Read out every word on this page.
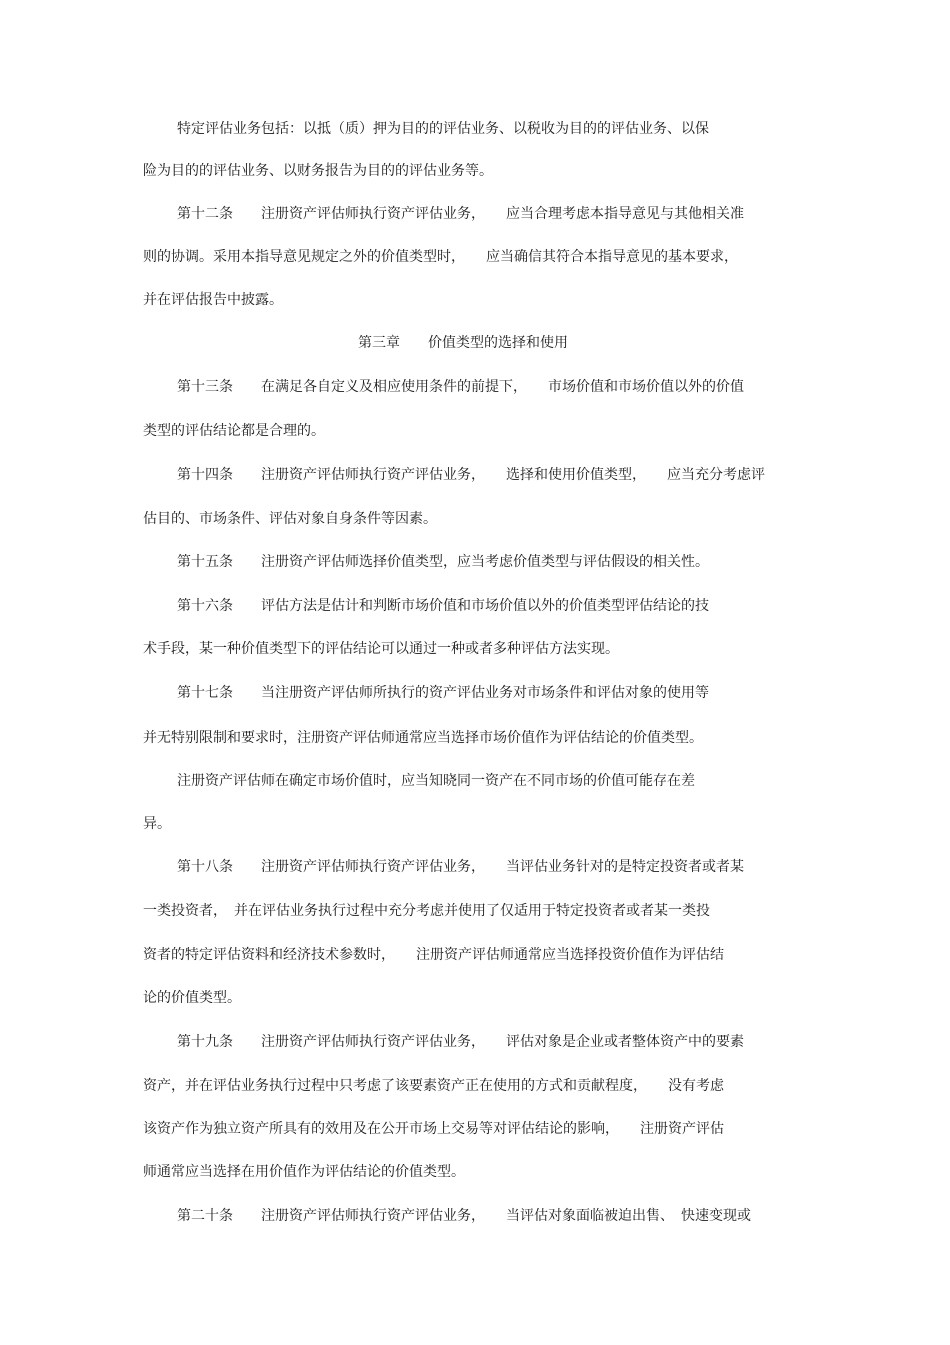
特定评估业务包括：以抵（质）押为目的的评估业务、以税收为目的的评估业务、以保
险为目的的评估业务、以财务报告为目的的评估业务等。
第十二条　　注册资产评估师执行资产评估业务，　　应当合理考虑本指导意见与其他相关准
则的协调。采用本指导意见规定之外的价值类型时，　　应当确信其符合本指导意见的基本要求，
并在评估报告中披露。
第三章　　价值类型的选择和使用
第十三条　　在满足各自定义及相应使用条件的前提下，　　市场价值和市场价值以外的价值
类型的评估结论都是合理的。
第十四条　　注册资产评估师执行资产评估业务，　　选择和使用价值类型，　　应当充分考虑评
估目的、市场条件、评估对象自身条件等因素。
第十五条　　注册资产评估师选择价值类型，应当考虑价值类型与评估假设的相关性。
第十六条　　评估方法是估计和判断市场价值和市场价值以外的价值类型评估结论的技
术手段，某一种价值类型下的评估结论可以通过一种或者多种评估方法实现。
第十七条　　当注册资产评估师所执行的资产评估业务对市场条件和评估对象的使用等
并无特别限制和要求时，注册资产评估师通常应当选择市场价值作为评估结论的价值类型。
注册资产评估师在确定市场价值时，应当知晓同一资产在不同市场的价值可能存在差
异。
第十八条　　注册资产评估师执行资产评估业务，　　当评估业务针对的是特定投资者或者某
一类投资者，　并在评估业务执行过程中充分考虑并使用了仅适用于特定投资者或者某一类投
资者的特定评估资料和经济技术参数时，　　注册资产评估师通常应当选择投资价值作为评估结
论的价值类型。
第十九条　　注册资产评估师执行资产评估业务，　　评估对象是企业或者整体资产中的要素
资产，并在评估业务执行过程中只考虑了该要素资产正在使用的方式和贡献程度，　　没有考虑
该资产作为独立资产所具有的效用及在公开市场上交易等对评估结论的影响，　　注册资产评估
师通常应当选择在用价值作为评估结论的价值类型。
第二十条　　注册资产评估师执行资产评估业务，　　当评估对象面临被迫出售、　快速变现或
